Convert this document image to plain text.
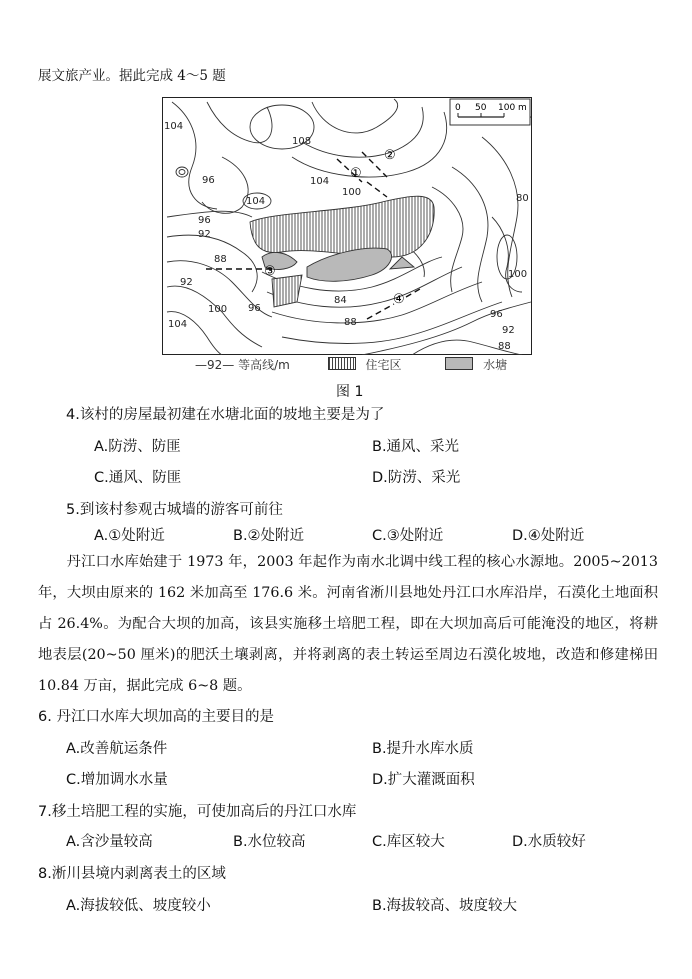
展文旅产业。据此完成 4～5 题
①
②
③
④
104
108
96	104
100
104
96
92
88
92
100 96
104	88
84
80
100
96
92
88
0 50 100 m
—92— 等高线/m	住宅区	水塘
图 1
4.该村的房屋最初建在水塘北面的坡地主要是为了
A.防涝、防匪	B.通风、采光
C.通风、防匪	D.防涝、采光
5.到该村参观古城墙的游客可前往
A.①处附近	B.②处附近	C.③处附近	D.④处附近
丹江口水库始建于 1973 年，2003 年起作为南水北调中线工程的核心水源地。2005~2013 年，大坝由原来的 162 米加高至 176.6 米。河南省淅川县地处丹江口水库沿岸，石漠化土地面积占 26.4%。为配合大坝的加高，该县实施移土培肥工程，即在大坝加高后可能淹没的地区，将耕地表层(20~50 厘米)的肥沃土壤剥离，并将剥离的表土转运至周边石漠化坡地，改造和修建梯田 10.84 万亩，据此完成 6~8 题。
6. 丹江口水库大坝加高的主要目的是
A.改善航运条件	B.提升水库水质
C.增加调水水量	D.扩大灌溉面积
7.移土培肥工程的实施，可使加高后的丹江口水库
A.含沙量较高	B.水位较高	C.库区较大	D.水质较好
8.淅川县境内剥离表土的区域
A.海拔较低、坡度较小	B.海拔较高、坡度较大
